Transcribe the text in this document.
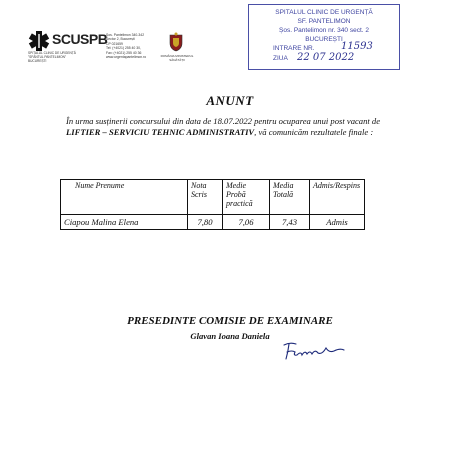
SCUSPB
SPITALUL CLINIC DE URGENȚĂ "SFÂNTUL PANTELIMON" BUCUREȘTI
Șos. Pantelimon 340-342
Sector 2, București
CP 021659
Tel: (+4021) 255 40 30,
Fax: (+4021) 255 40 36
www.urgentapantelimon.ro	ROMÂNIA MINISTERUL SĂNĂTĂȚII
SPITALUL CLINIC DE URGENȚĂ
SF. PANTELIMON
Șos. Pantelimon nr. 340 sect. 2
BUCUREȘTI
INTRARE NR.
ZIUA
11593
22 07 2022
ANUNT
În urma susținerii concursului din data de 18.07.2022 pentru ocuparea unui post vacant de LIFTIER – SERVICIU TEHNIC ADMINISTRATIV, vă comunicăm rezultatele finale :
Nume Prenume	Nota Scris	Medie Probă practică	Media Totală	Admis/Respins
Ciapou Malina Elena	7,80	7,06	7,43	Admis
PRESEDINTE COMISIE DE EXAMINARE
Glavan Ioana Daniela
